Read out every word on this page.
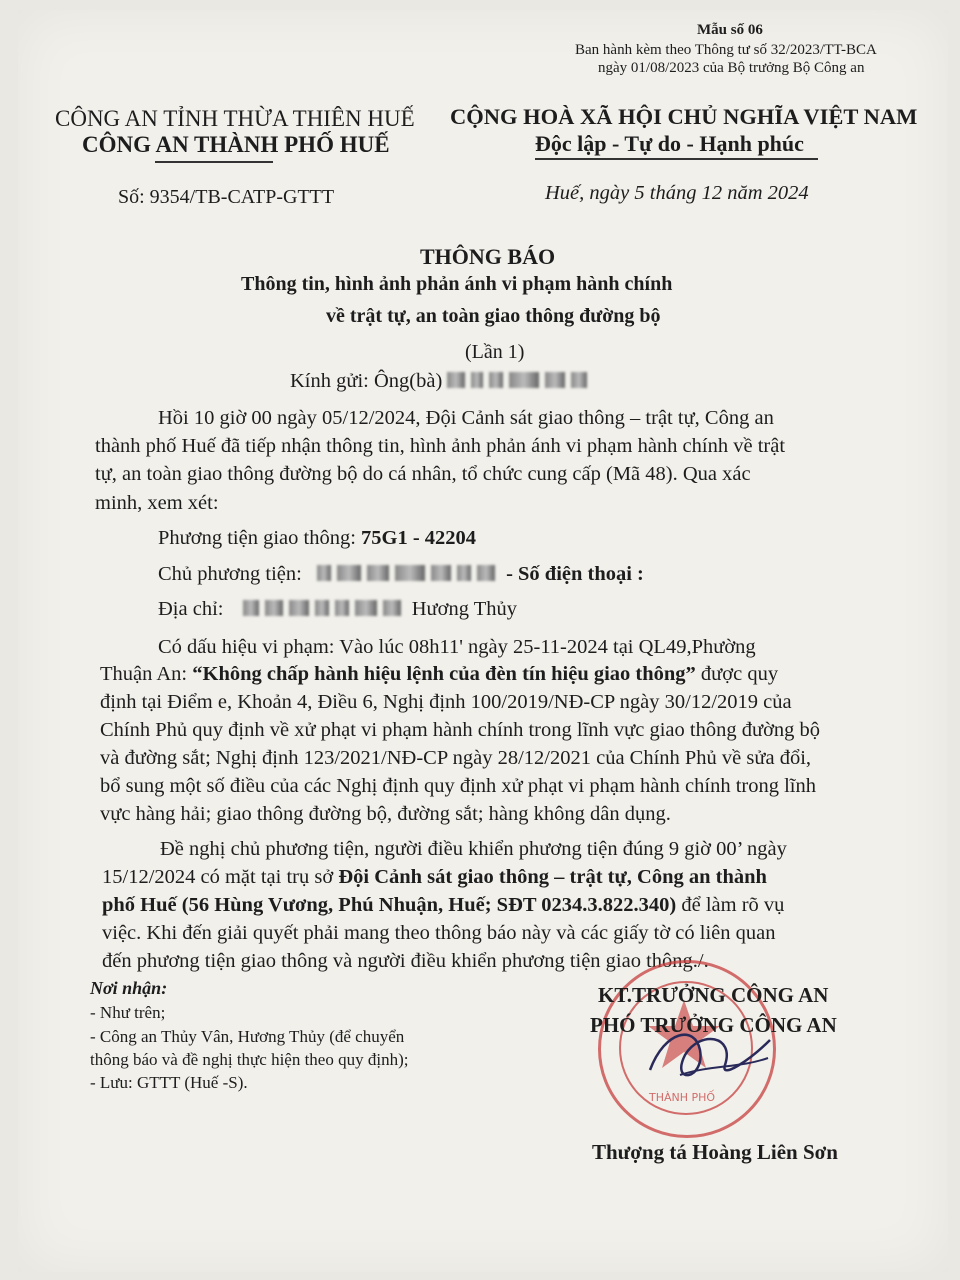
Mẫu số 06
Ban hành kèm theo Thông tư số 32/2023/TT-BCA
ngày 01/08/2023 của Bộ trưởng Bộ Công an
CÔNG AN TỈNH THỪA THIÊN HUẾ
CÔNG AN THÀNH PHỐ HUẾ
Số: 9354/TB-CATP-GTTT
CỘNG HOÀ XÃ HỘI CHỦ NGHĨA VIỆT NAM
Độc lập - Tự do - Hạnh phúc
Huế, ngày 5 tháng 12 năm 2024
THÔNG BÁO
Thông tin, hình ảnh phản ánh vi phạm hành chính
về trật tự, an toàn giao thông đường bộ
(Lần 1)
Kính gửi: Ông(bà)
Hồi 10 giờ 00 ngày 05/12/2024, Đội Cảnh sát giao thông – trật tự, Công an
thành phố Huế đã tiếp nhận thông tin, hình ảnh phản ánh vi phạm hành chính về trật
tự, an toàn giao thông đường bộ do cá nhân, tổ chức cung cấp (Mã 48). Qua xác
minh, xem xét:
Phương tiện giao thông: 75G1 - 42204
Chủ phương tiện:	- Số điện thoại :
Địa chỉ:	Hương Thủy
Có dấu hiệu vi phạm: Vào lúc 08h11' ngày 25-11-2024 tại QL49,Phường
Thuận An: “Không chấp hành hiệu lệnh của đèn tín hiệu giao thông” được quy
định tại Điểm e, Khoản 4, Điều 6, Nghị định 100/2019/NĐ-CP ngày 30/12/2019 của
Chính Phủ quy định về xử phạt vi phạm hành chính trong lĩnh vực giao thông đường bộ
và đường sắt; Nghị định 123/2021/NĐ-CP ngày 28/12/2021 của Chính Phủ về sửa đổi,
bổ sung một số điều của các Nghị định quy định xử phạt vi phạm hành chính trong lĩnh
vực hàng hải; giao thông đường bộ, đường sắt; hàng không dân dụng.
Đề nghị chủ phương tiện, người điều khiển phương tiện đúng 9 giờ 00’ ngày
15/12/2024 có mặt tại trụ sở Đội Cảnh sát giao thông – trật tự, Công an thành
phố Huế (56 Hùng Vương, Phú Nhuận, Huế; SĐT 0234.3.822.340) để làm rõ vụ
việc. Khi đến giải quyết phải mang theo thông báo này và các giấy tờ có liên quan
đến phương tiện giao thông và người điều khiển phương tiện giao thông./.
Nơi nhận:
- Như trên;
- Công an Thủy Vân, Hương Thủy (để chuyển
thông báo và đề nghị thực hiện theo quy định);
- Lưu: GTTT (Huế -S).
THÀNH PHỐ
KT.TRƯỞNG CÔNG AN
PHÓ TRƯỞNG CÔNG AN
Thượng tá Hoàng Liên Sơn
